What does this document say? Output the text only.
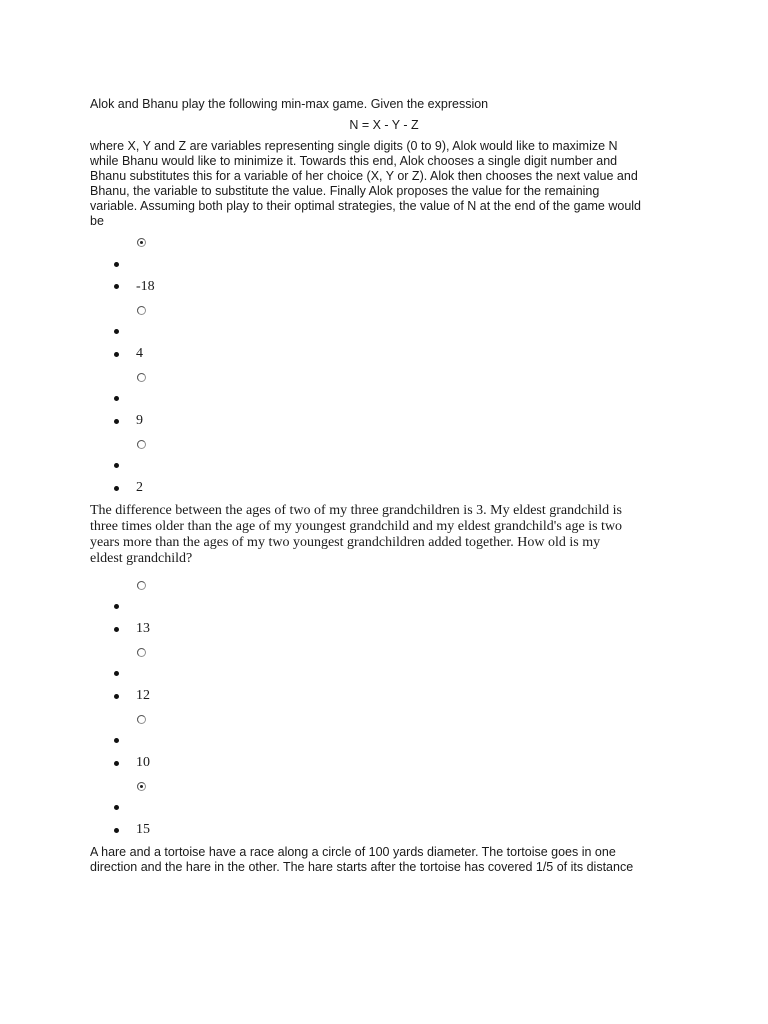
Alok and Bhanu play the following min-max game. Given the expression
N = X - Y - Z
where X, Y and Z are variables representing single digits (0 to 9), Alok would like to maximize N
while Bhanu would like to minimize it. Towards this end, Alok chooses a single digit number and
Bhanu substitutes this for a variable of her choice (X, Y or Z). Alok then chooses the next value and
Bhanu, the variable to substitute the value. Finally Alok proposes the value for the remaining
variable. Assuming both play to their optimal strategies, the value of N at the end of the game would
be
-18
4
9
2
The difference between the ages of two of my three grandchildren is 3. My eldest grandchild is
three times older than the age of my youngest grandchild and my eldest grandchild's age is two
years more than the ages of my two youngest grandchildren added together. How old is my
eldest grandchild?
13
12
10
15
A hare and a tortoise have a race along a circle of 100 yards diameter. The tortoise goes in one
direction and the hare in the other. The hare starts after the tortoise has covered 1/5 of its distance
